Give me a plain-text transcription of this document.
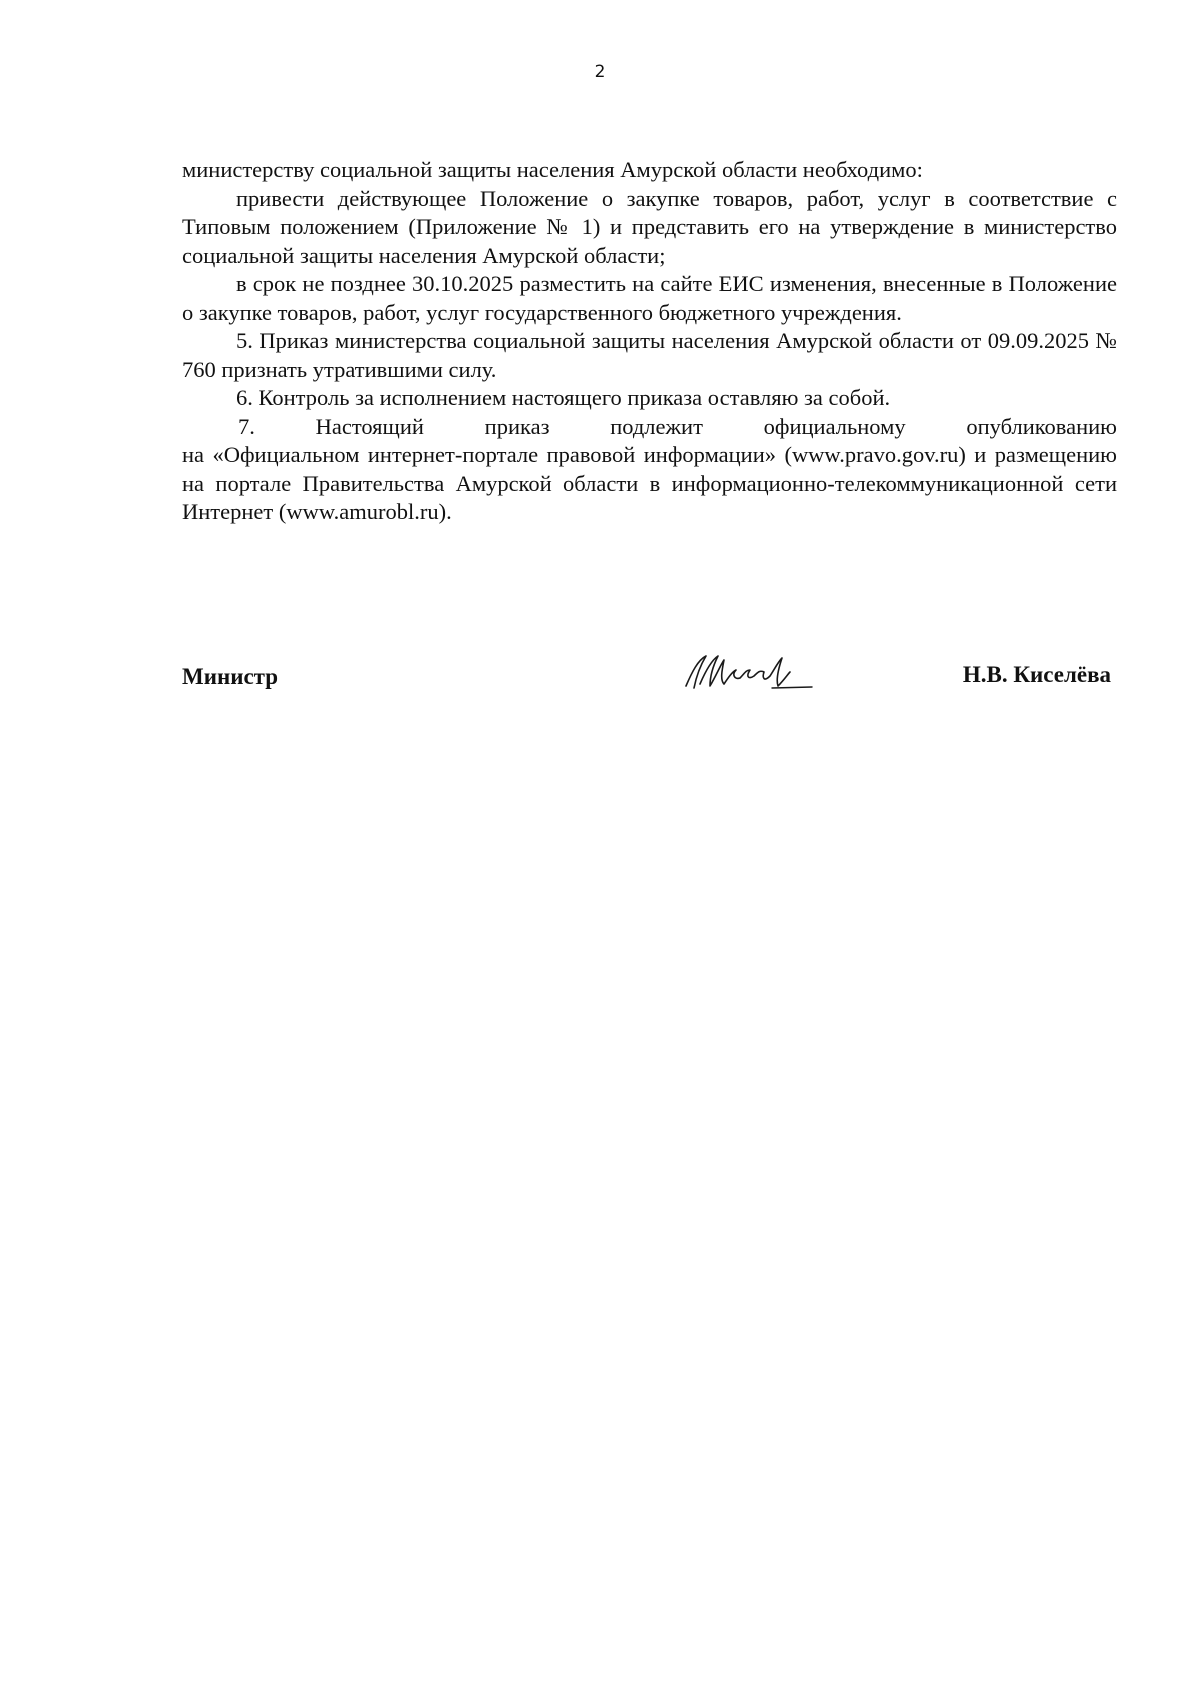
2

министерству социальной защиты населения Амурской области необходимо:

привести действующее Положение о закупке товаров, работ, услуг в соответствие с Типовым положением (Приложение № 1) и представить его на утверждение в министерство социальной защиты населения Амурской области;

в срок не позднее 30.10.2025 разместить на сайте ЕИС изменения, внесенные в Положение о закупке товаров, работ, услуг государственного бюджетного учреждения.

5. Приказ министерства социальной защиты населения Амурской области от 09.09.2025 № 760 признать утратившими силу.

6. Контроль за исполнением настоящего приказа оставляю за собой.

7. Настоящий приказ подлежит официальному опубликованию

на «Официальном интернет-портале правовой информации» (www.pravo.gov.ru) и размещению на портале Правительства Амурской области в информационно-телекоммуникационной сети Интернет (www.amurobl.ru).

Министр	Н.В. Киселёва
